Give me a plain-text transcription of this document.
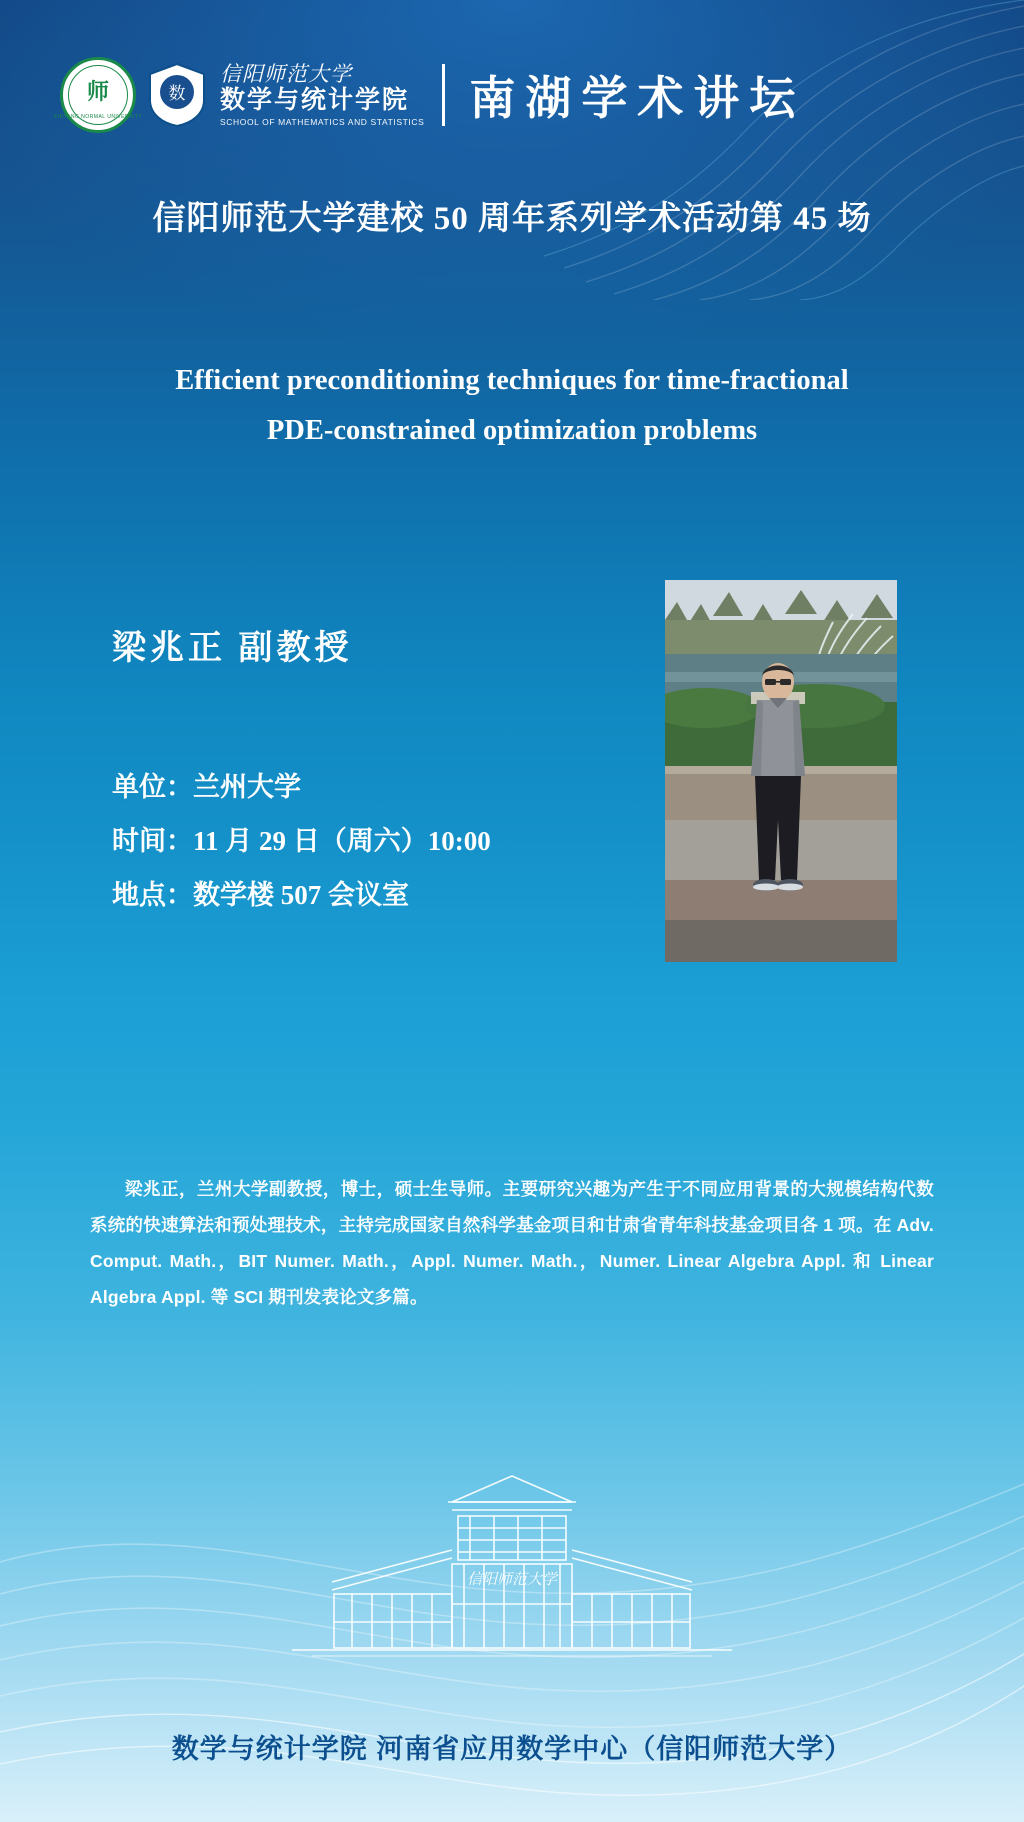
师
XINYANG NORMAL UNIVERSITY
数
信阳师范大学
数学与统计学院
SCHOOL OF MATHEMATICS AND STATISTICS 南湖学术讲坛
信阳师范大学建校 50 周年系列学术活动第 45 场
Efficient preconditioning techniques for time-fractional
PDE-constrained optimization problems
梁兆正 副教授
单位：兰州大学
时间：11 月 29 日（周六）10:00
地点：数学楼 507 会议室
梁兆正，兰州大学副教授，博士，硕士生导师。主要研究兴趣为产生于不同应用背景的大规模结构代数系统的快速算法和预处理技术，主持完成国家自然科学基金项目和甘肃省青年科技基金项目各 1 项。在 Adv. Comput. Math.，BIT Numer. Math.，Appl. Numer. Math.，Numer. Linear Algebra Appl. 和 Linear Algebra Appl. 等 SCI 期刊发表论文多篇。
信阳师范大学
数学与统计学院 河南省应用数学中心（信阳师范大学）
